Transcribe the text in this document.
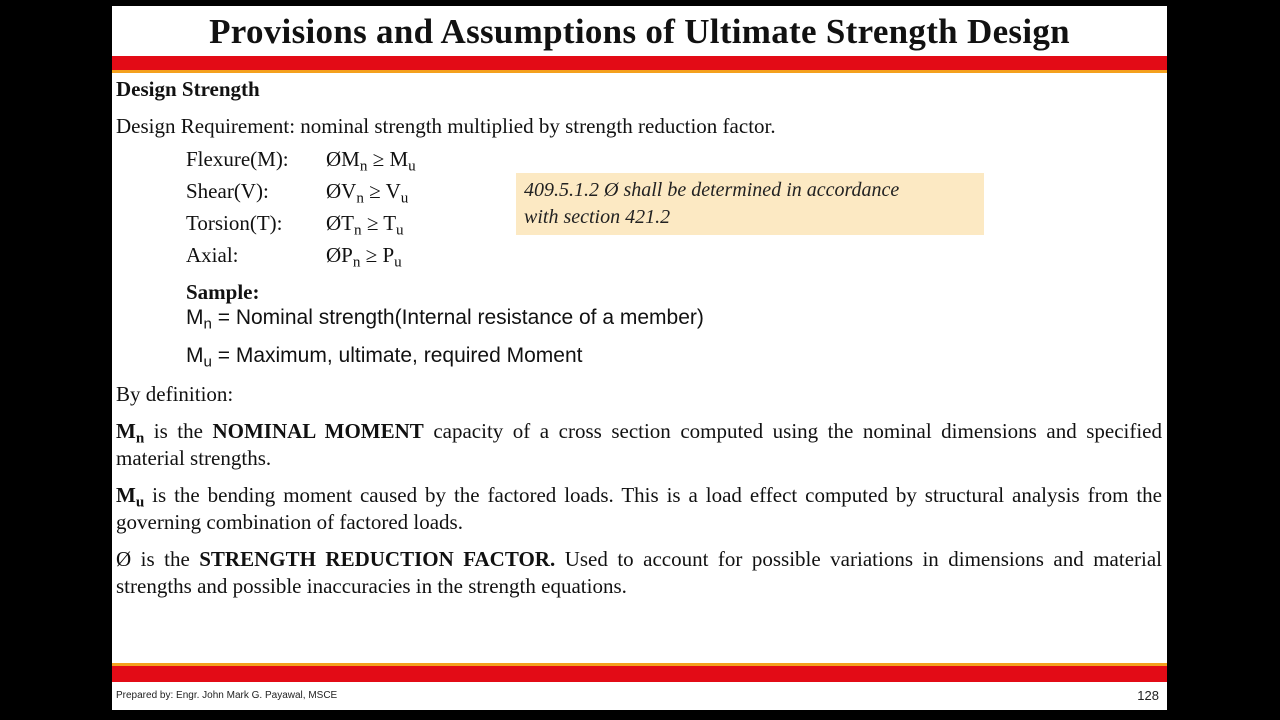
Provisions and Assumptions of Ultimate Strength Design
Design Strength
Design Requirement: nominal strength multiplied by strength reduction factor.
Flexure(M): $ØM_n \ge M_u$
Shear(V):	$ØV_n \ge V_u$
Torsion(T): $ØT_n \ge T_u$
Axial:	$ØP_n \ge P_u$
409.5.1.2 Ø shall be determined in accordance
with section 421.2
Sample:
$M_n$ = Nominal strength(Internal resistance of a member)
$M_u$ = Maximum, ultimate, required Moment
By definition:
$M_n$ is the NOMINAL MOMENT capacity of a cross section computed using the nominal dimensions and specified material strengths.
$M_u$ is the bending moment caused by the factored loads. This is a load effect computed by structural analysis from the governing combination of factored loads.
Ø is the STRENGTH REDUCTION FACTOR. Used to account for possible variations in dimensions and material strengths and possible inaccuracies in the strength equations.
Prepared by: Engr. John Mark G. Payawal, MSCE	128
